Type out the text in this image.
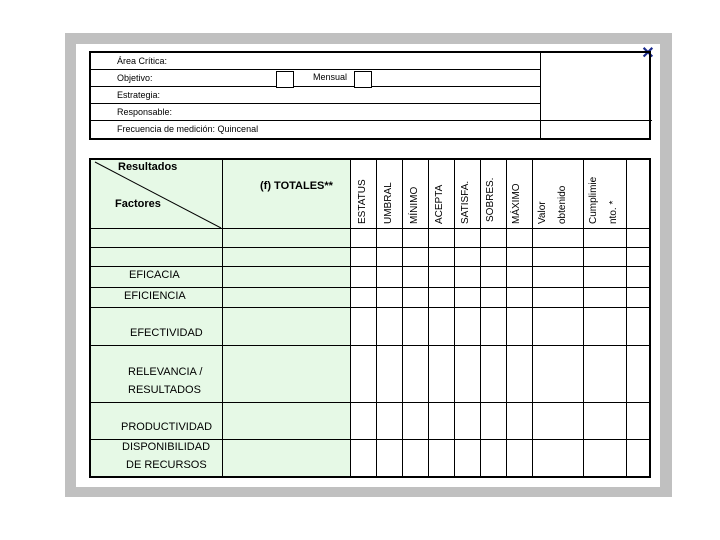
✕
Área Crítica:
Objetivo:
Estrategia:
Responsable:
Frecuencia de medición: Quincenal
Mensual
Resultados
Factores
(f) TOTALES** ESTATUS UMBRAL MÍNIMO ACEPTA SATISFA. SOBRES. MÁXIMO Valor obtenido Cumplimie nto. *
EFICACIA
EFICIENCIA
EFECTIVIDAD
RELEVANCIA /
RESULTADOS
PRODUCTIVIDAD
DISPONIBILIDAD
DE RECURSOS
